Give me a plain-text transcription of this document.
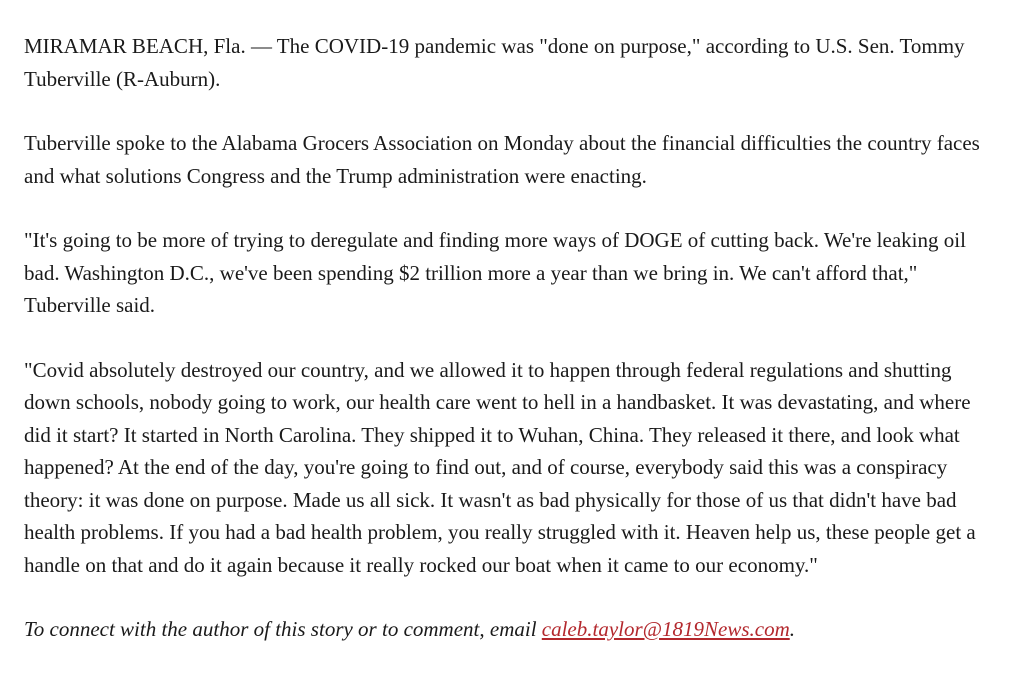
MIRAMAR BEACH, Fla. — The COVID-19 pandemic was "done on purpose," according to U.S. Sen. Tommy Tuberville (R-Auburn).

Tuberville spoke to the Alabama Grocers Association on Monday about the financial difficulties the country faces and what solutions Congress and the Trump administration were enacting.

"It's going to be more of trying to deregulate and finding more ways of DOGE of cutting back. We're leaking oil bad. Washington D.C., we've been spending $2 trillion more a year than we bring in. We can't afford that," Tuberville said.

"Covid absolutely destroyed our country, and we allowed it to happen through federal regulations and shutting down schools, nobody going to work, our health care went to hell in a handbasket. It was devastating, and where did it start? It started in North Carolina. They shipped it to Wuhan, China. They released it there, and look what happened? At the end of the day, you're going to find out, and of course, everybody said this was a conspiracy theory: it was done on purpose. Made us all sick. It wasn't as bad physically for those of us that didn't have bad health problems. If you had a bad health problem, you really struggled with it. Heaven help us, these people get a handle on that and do it again because it really rocked our boat when it came to our economy."

To connect with the author of this story or to comment, email caleb.taylor@1819News.com.
